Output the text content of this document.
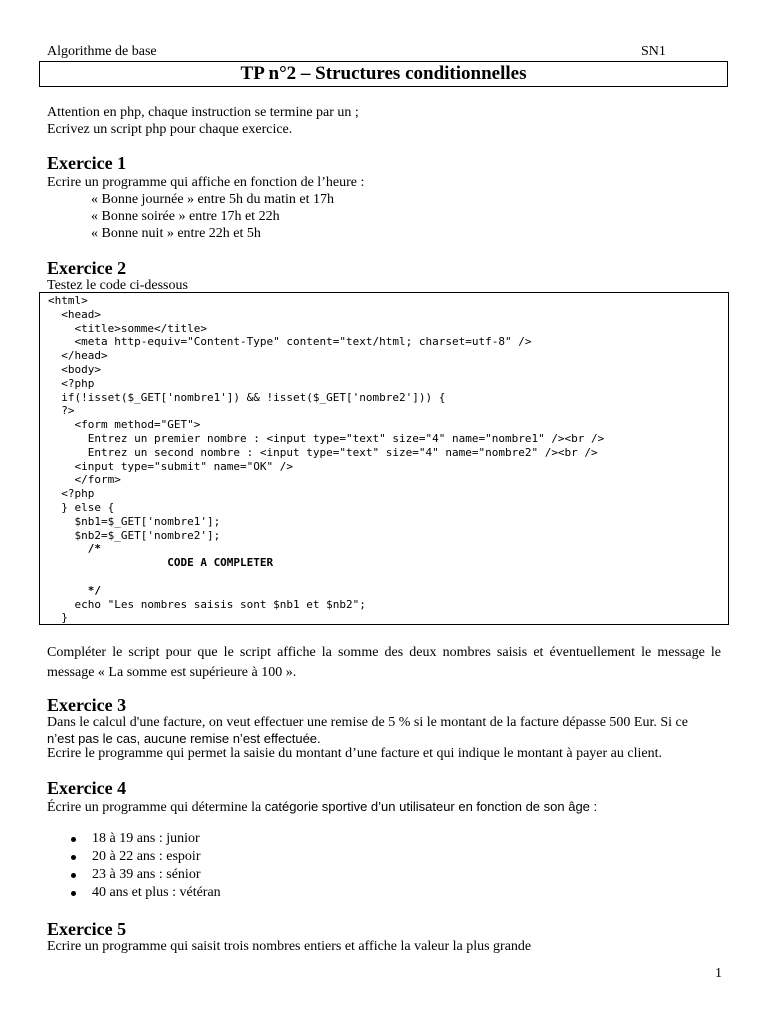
Algorithme de base	SN1
TP n°2 – Structures conditionnelles
Attention en php, chaque instruction se termine par un ;
Ecrivez un script php pour chaque exercice.
Exercice 1
Ecrire un programme qui affiche en fonction de l’heure :
« Bonne journée » entre 5h du matin et 17h
« Bonne soirée » entre 17h et 22h
« Bonne nuit » entre 22h et 5h
Exercice 2
Testez le code ci-dessous
<html>
<head>
<title>somme</title>
<meta http-equiv="Content-Type" content="text/html; charset=utf-8" />
</head>
<body>
<?php
if(!isset($_GET['nombre1']) && !isset($_GET['nombre2'])) {
?>
<form method="GET">
Entrez un premier nombre : <input type="text" size="4" name="nombre1" /><br />
Entrez un second nombre : <input type="text" size="4" name="nombre2" /><br />
<input type="submit" name="OK" />
</form>
<?php
} else {
$nb1=$_GET['nombre1'];
$nb2=$_GET['nombre2'];
/*
CODE A COMPLETER
*/
echo "Les nombres saisis sont $nb1 et $nb2";
}
Compléter le script pour que le script affiche la somme des deux nombres saisis et éventuellement le message le message « La somme est supérieure à 100 ».
Exercice 3
Dans le calcul d'une facture, on veut effectuer une remise de 5 % si le montant de la facture dépasse 500 Eur. Si ce
n’est pas le cas, aucune remise n’est effectuée.
Ecrire le programme qui permet la saisie du montant d’une facture et qui indique le montant à payer au client.
Exercice 4
Écrire un programme qui détermine la catégorie sportive d’un utilisateur en fonction de son âge :
18 à 19 ans : junior
20 à 22 ans : espoir
23 à 39 ans : sénior
40 ans et plus : vétéran
Exercice 5
Ecrire un programme qui saisit trois nombres entiers et affiche la valeur la plus grande
1
